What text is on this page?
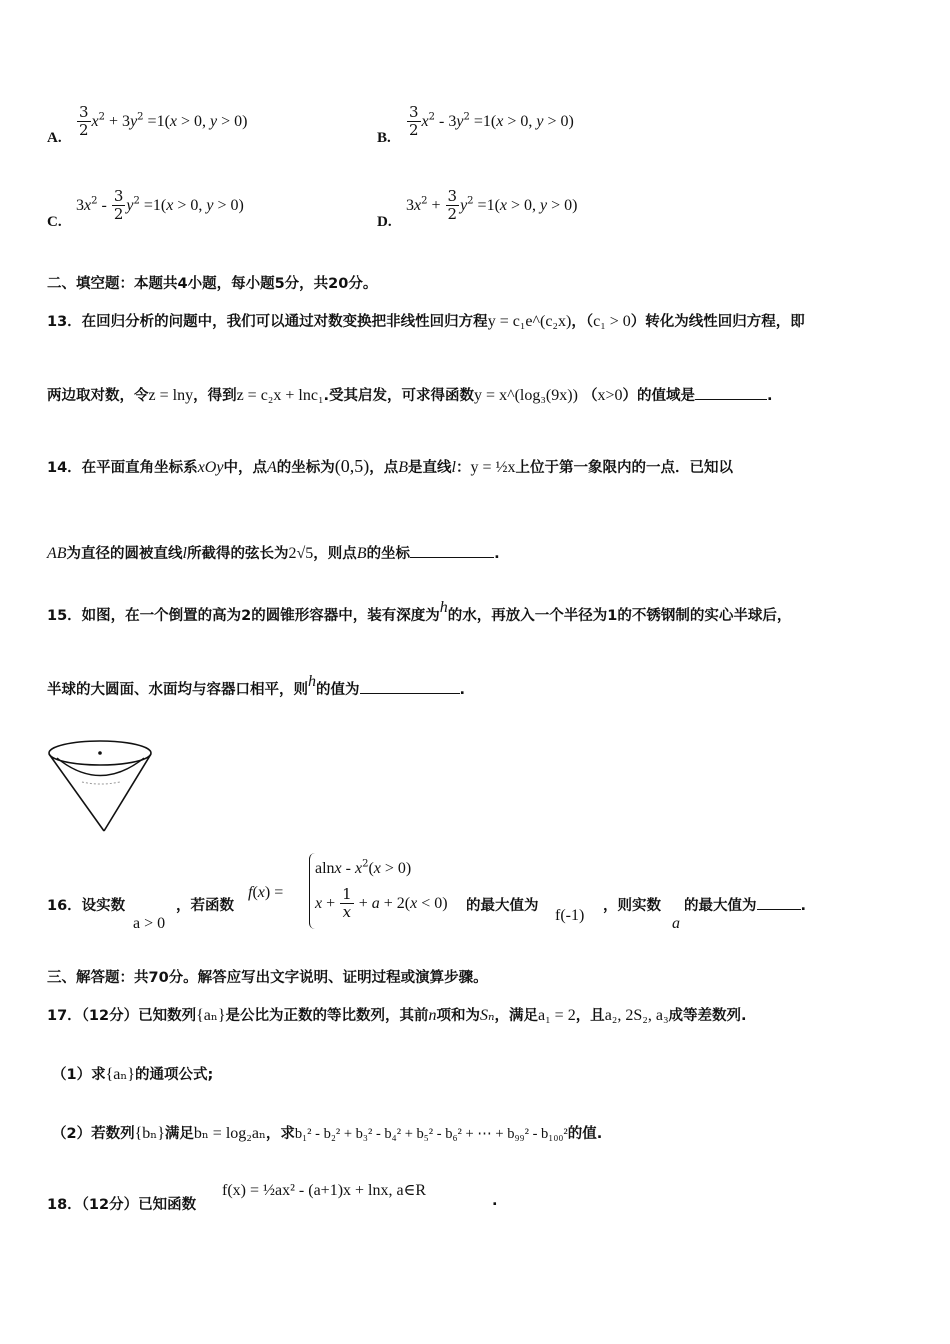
A. $\frac{3}{2} x^2 + 3y^2 =1(x > 0$, y > 0)
B. $\frac{3}{2} x^2 - 3y^2 =1(x > 0$, y > 0)
C.
$3x^2 - \frac{3}{2} y^2 =1(x > 0$, y > 0)
D.
$3x^2 + \frac{3}{2} y^2 =1(x > 0$, y > 0)
二、填空题：本题共4小题，每小题5分，共20分。
13．在回归分析的问题中，我们可以通过对数变换把非线性回归方程y = c₁e^(c₂x)，（c₁ > 0）转化为线性回归方程，即
两边取对数，令z = lny，得到z = c₂x + lnc₁.受其启发，可求得函数y = x^(log₃(9x)) （x>0）的值域是	.
14．在平面直角坐标系xOy中，点A的坐标为(0,5)，点B是直线l：y = ½x上位于第一象限内的一点．已知以
AB为直径的圆被直线l所截得的弦长为2√5，则点B的坐标	.
15．如图，在一个倒置的高为2的圆锥形容器中，装有深度为h的水，再放入一个半径为1的不锈钢制的实心半球后，
半球的大圆面、水面均与容器口相平，则h的值为	.
16．设实数
a > 0
，若函数
f(x) =
$alnx - x^2(x > 0)$
$x + \frac{1}{x} + a + 2(x < 0)$ 的最大值为
f(-1)
，则实数
a
的最大值为	.
三、解答题：共70分。解答应写出文字说明、证明过程或演算步骤。
17．（12分）已知数列{aₙ}是公比为正数的等比数列，其前n项和为Sₙ，满足a₁ = 2，且a₂, 2S₂, a₃成等差数列.
（1）求{aₙ}的通项公式;
（2）若数列{bₙ}满足bₙ = log₂aₙ，求b₁² - b₂² + b₃² - b₄² + b₅² - b₆² + ⋯ + b₉₉² - b₁₀₀²的值.
18．（12分）已知函数
f(x) = ½ax² - (a+1)x + lnx, a∈R
.
